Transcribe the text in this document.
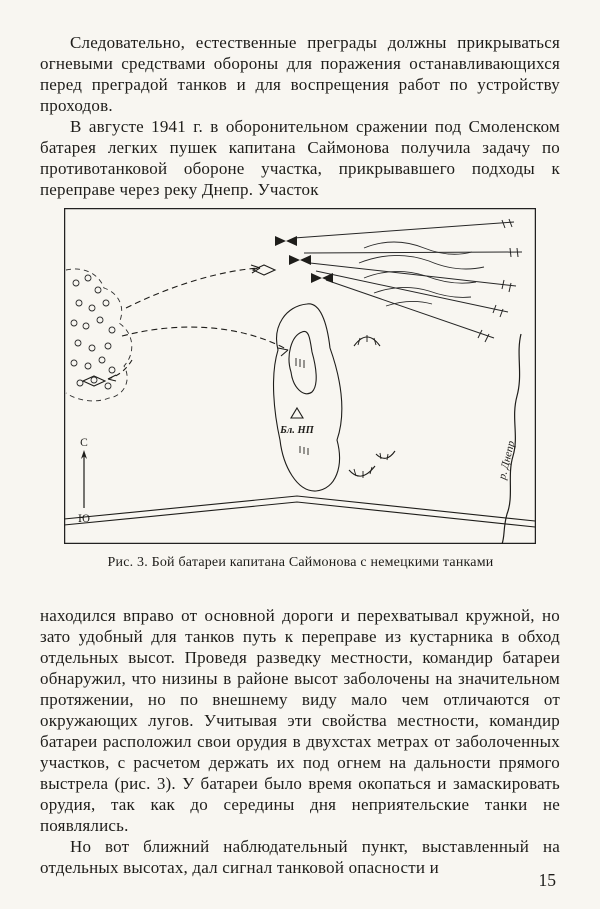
Следовательно, естественные преграды должны прикрываться огневыми средствами обороны для поражения останавливающихся перед преградой танков и для воспрещения работ по устройству проходов.

В августе 1941 г. в оборонительном сражении под Смоленском батарея легких пушек капитана Саймонова получила задачу по противотанковой обороне участка, прикрывавшего подходы к переправе через реку Днепр. Участок

Бл. НП
С
Ю
р. Днепр
Рис. 3. Бой батареи капитана Саймонова с немецкими танками

находился вправо от основной дороги и перехватывал кружной, но зато удобный для танков путь к переправе из кустарника в обход отдельных высот. Проведя разведку местности, командир батареи обнаружил, что низины в районе высот заболочены на значительном протяжении, но по внешнему виду мало чем отличаются от окружающих лугов. Учитывая эти свойства местности, командир батареи расположил свои орудия в двухстах метрах от заболоченных участков, с расчетом держать их под огнем на дальности прямого выстрела (рис. 3). У батареи было время окопаться и замаскировать орудия, так как до середины дня неприятельские танки не появлялись.

Но вот ближний наблюдательный пункт, выставленный на отдельных высотах, дал сигнал танковой опасности и

15
